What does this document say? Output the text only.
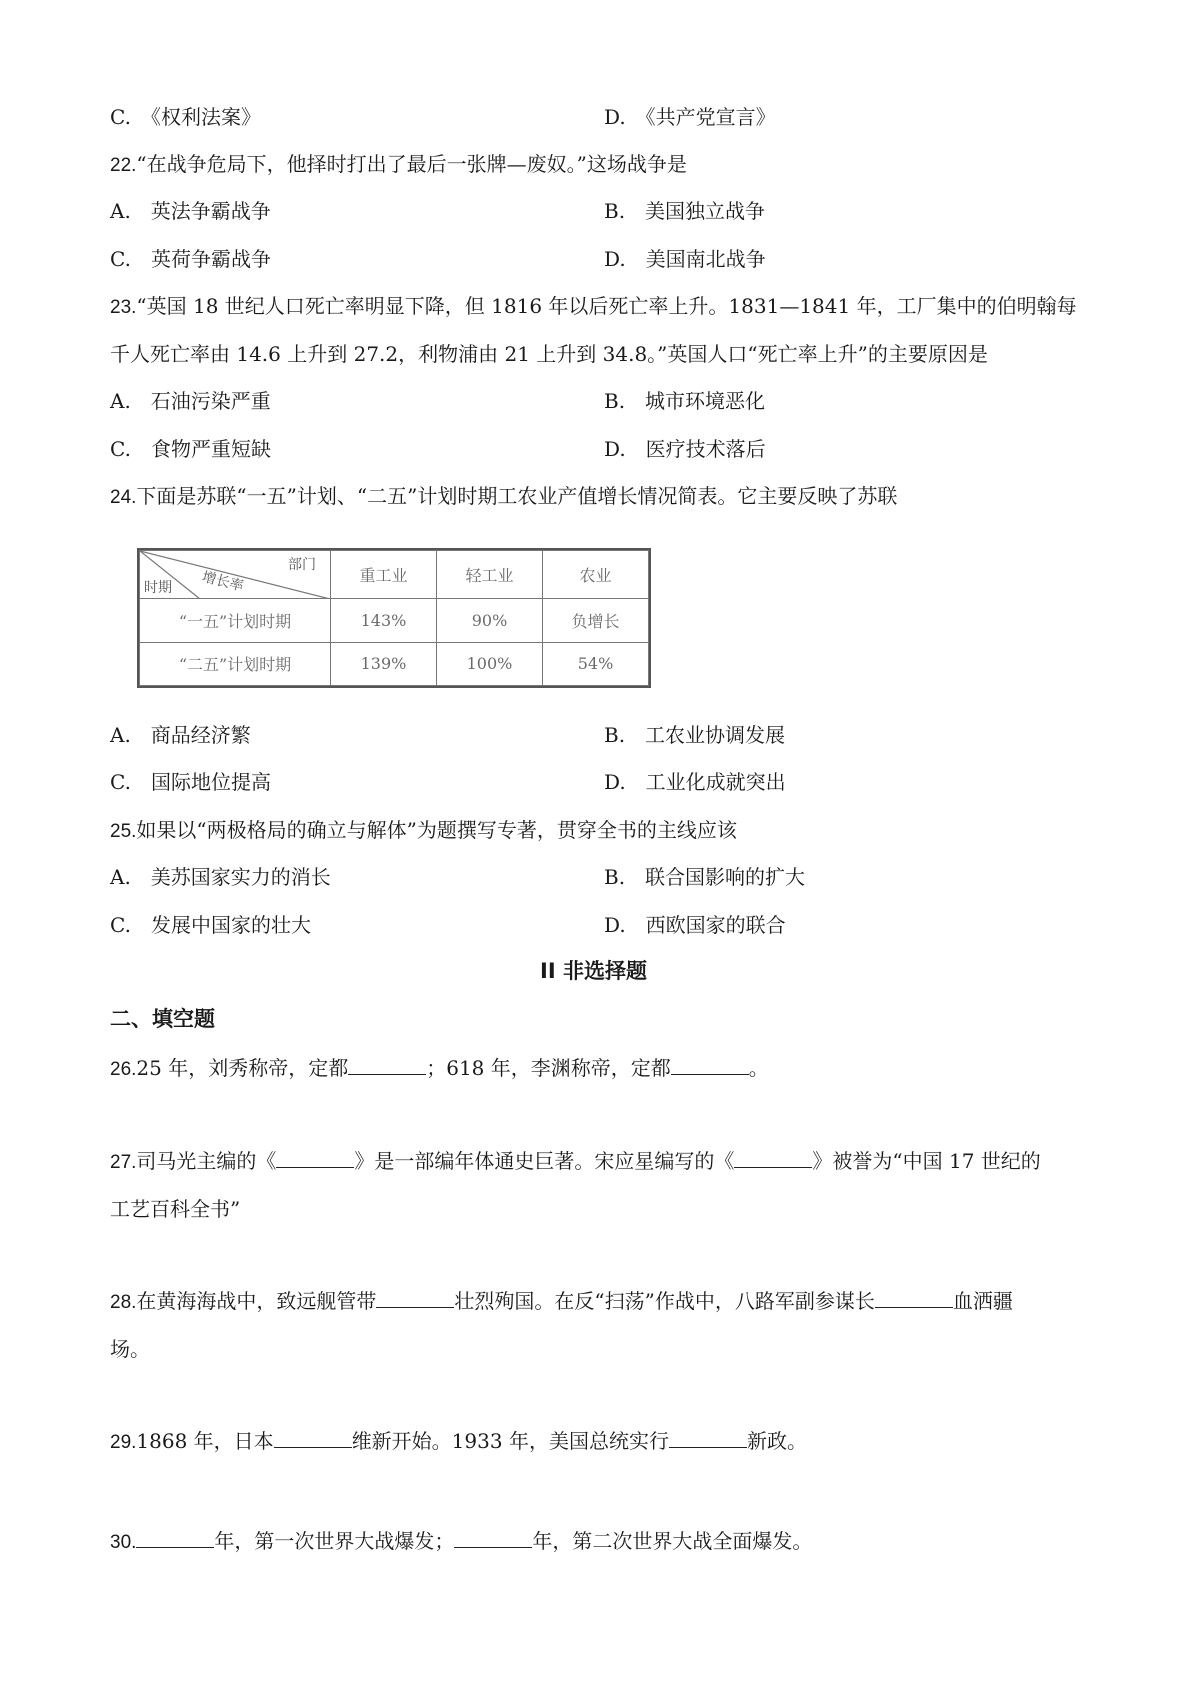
C.　《权利法案》	D.　《共产党宣言》
22.“在战争危局下，他择时打出了最后一张牌—废奴。”这场战争是
A.　英法争霸战争	B.　美国独立战争
C.　英荷争霸战争	D.　美国南北战争
23.“英国 18 世纪人口死亡率明显下降，但 1816 年以后死亡率上升。1831—1841 年，工厂集中的伯明翰每
千人死亡率由 14.6 上升到 27.2，利物浦由 21 上升到 34.8。”英国人口“死亡率上升”的主要原因是
A.　石油污染严重	B.　城市环境恶化
C.　食物严重短缺	D.　医疗技术落后
24.下面是苏联“一五”计划、“二五”计划时期工农业产值增长情况简表。它主要反映了苏联
部门
增长率
时期	重工业	轻工业	农业
“一五”计划时期	143%	90%	负增长
“二五”计划时期	139%	100%	54%
A.　商品经济繁	B.　工农业协调发展
C.　国际地位提高	D.　工业化成就突出
25.如果以“两极格局的确立与解体”为题撰写专著，贯穿全书的主线应该
A.　美苏国家实力的消长	B.　联合国影响的扩大
C.　发展中国家的壮大	D.　西欧国家的联合
II 非选择题
二、填空题
26.25 年，刘秀称帝，定都	；618 年，李渊称帝，定都	。
27.司马光主编的《	》是一部编年体通史巨著。宋应星编写的《	》被誉为“中国 17 世纪的
工艺百科全书”
28.在黄海海战中，致远舰管带	壮烈殉国。在反“扫荡”作战中，八路军副参谋长	血洒疆
场。
29.1868 年，日本	维新开始。1933 年，美国总统实行	新政。
30.	年，第一次世界大战爆发；	年，第二次世界大战全面爆发。
